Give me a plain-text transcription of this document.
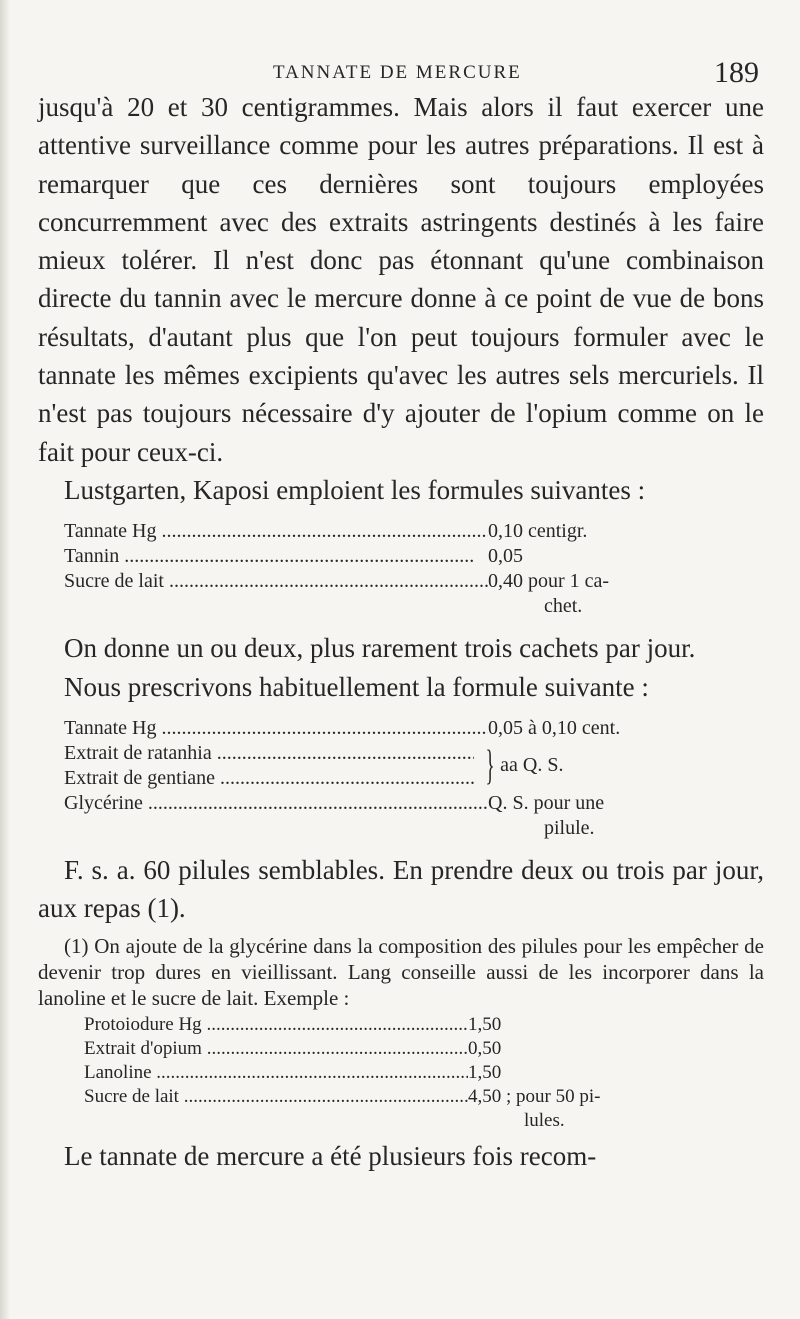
TANNATE DE MERCURE	189

jusqu'à 20 et 30 centigrammes. Mais alors il faut exercer une attentive surveillance comme pour les autres préparations. Il est à remarquer que ces dernières sont toujours employées concurremment avec des extraits astringents destinés à les faire mieux tolérer. Il n'est donc pas étonnant qu'une combinaison directe du tannin avec le mercure donne à ce point de vue de bons résultats, d'autant plus que l'on peut toujours formuler avec le tannate les mêmes excipients qu'avec les autres sels mercuriels. Il n'est pas toujours nécessaire d'y ajouter de l'opium comme on le fait pour ceux-ci.

Lustgarten, Kaposi emploient les formules suivantes :

Tannate Hg .....	0,10 centigr.
Tannin .....	0,05
Sucre de lait .....	0,40 pour 1 ca-
chet.

On donne un ou deux, plus rarement trois cachets par jour.

Nous prescrivons habituellement la formule suivante :

Tannate Hg .....	0,05 à 0,10 cent.
Extrait de ratanhia .....
Extrait de gentiane .....	} aa Q. S.
Glycérine .....	Q. S. pour une
pilule.

F. s. a. 60 pilules semblables. En prendre deux ou trois par jour, aux repas (1).

(1) On ajoute de la glycérine dans la composition des pilules pour les empêcher de devenir trop dures en vieillissant. Lang conseille aussi de les incorporer dans la lanoline et le sucre de lait. Exemple :

Protoiodure Hg .....	1,50
Extrait d'opium .....	0,50
Lanoline .....	1,50
Sucre de lait .....	4,50 ; pour 50 pi-
lules.

Le tannate de mercure a été plusieurs fois recom-
